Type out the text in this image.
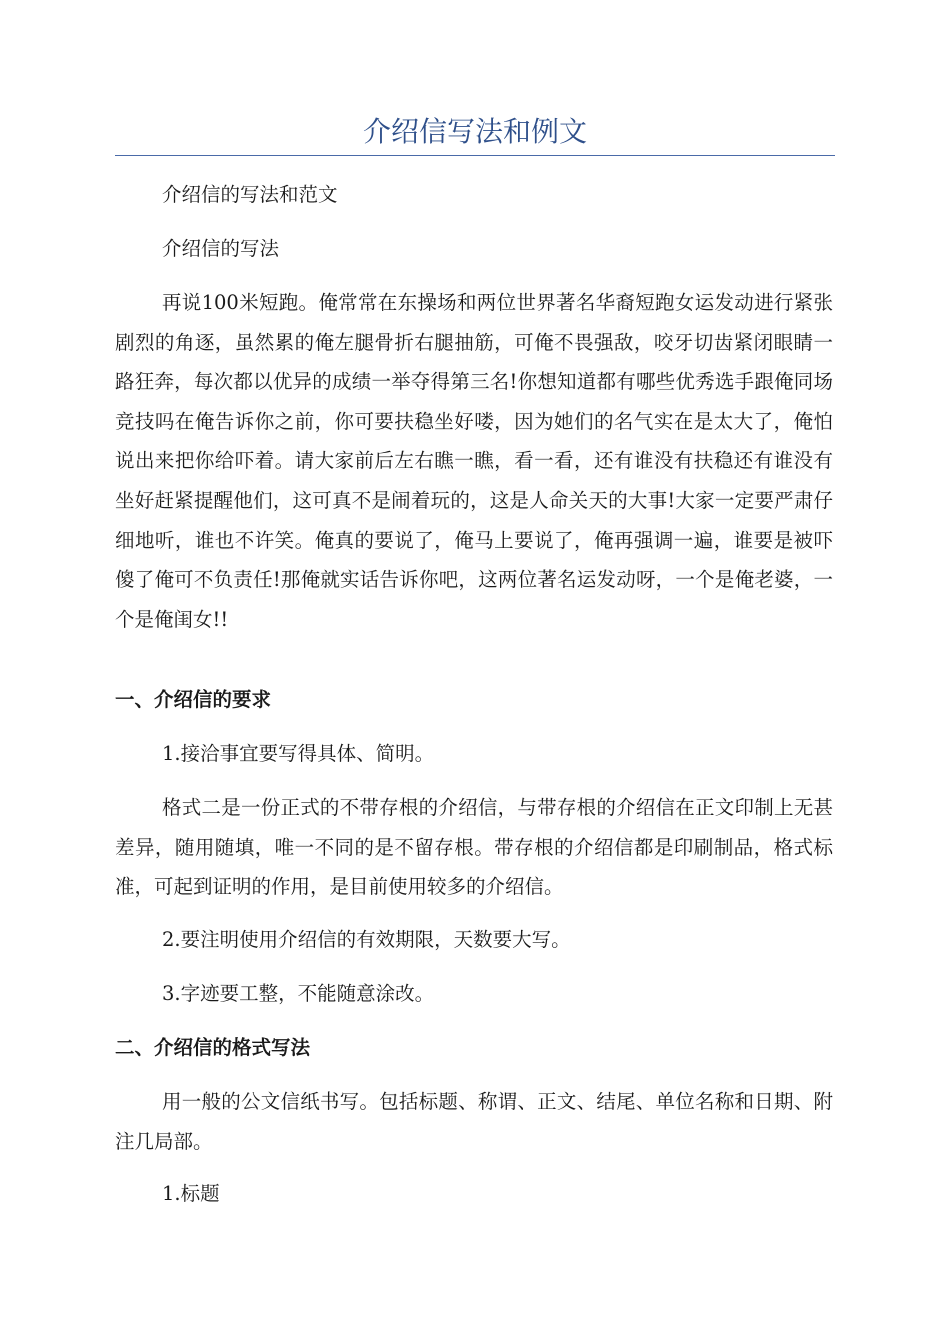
介绍信写法和例文

介绍信的写法和范文

介绍信的写法

再说100米短跑。俺常常在东操场和两位世界著名华裔短跑女运发动进行紧张剧烈的角逐，虽然累的俺左腿骨折右腿抽筋，可俺不畏强敌，咬牙切齿紧闭眼睛一路狂奔，每次都以优异的成绩一举夺得第三名!你想知道都有哪些优秀选手跟俺同场竞技吗在俺告诉你之前，你可要扶稳坐好喽，因为她们的名气实在是太大了，俺怕说出来把你给吓着。请大家前后左右瞧一瞧，看一看，还有谁没有扶稳还有谁没有坐好赶紧提醒他们，这可真不是闹着玩的，这是人命关天的大事!大家一定要严肃仔细地听，谁也不许笑。俺真的要说了，俺马上要说了，俺再强调一遍，谁要是被吓傻了俺可不负责任!那俺就实话告诉你吧，这两位著名运发动呀，一个是俺老婆，一个是俺闺女!!

一、介绍信的要求

1.接洽事宜要写得具体、简明。

格式二是一份正式的不带存根的介绍信，与带存根的介绍信在正文印制上无甚差异，随用随填，唯一不同的是不留存根。带存根的介绍信都是印刷制品，格式标准，可起到证明的作用，是目前使用较多的介绍信。

2.要注明使用介绍信的有效期限，天数要大写。

3.字迹要工整，不能随意涂改。

二、介绍信的格式写法

用一般的公文信纸书写。包括标题、称谓、正文、结尾、单位名称和日期、附注几局部。

1.标题
